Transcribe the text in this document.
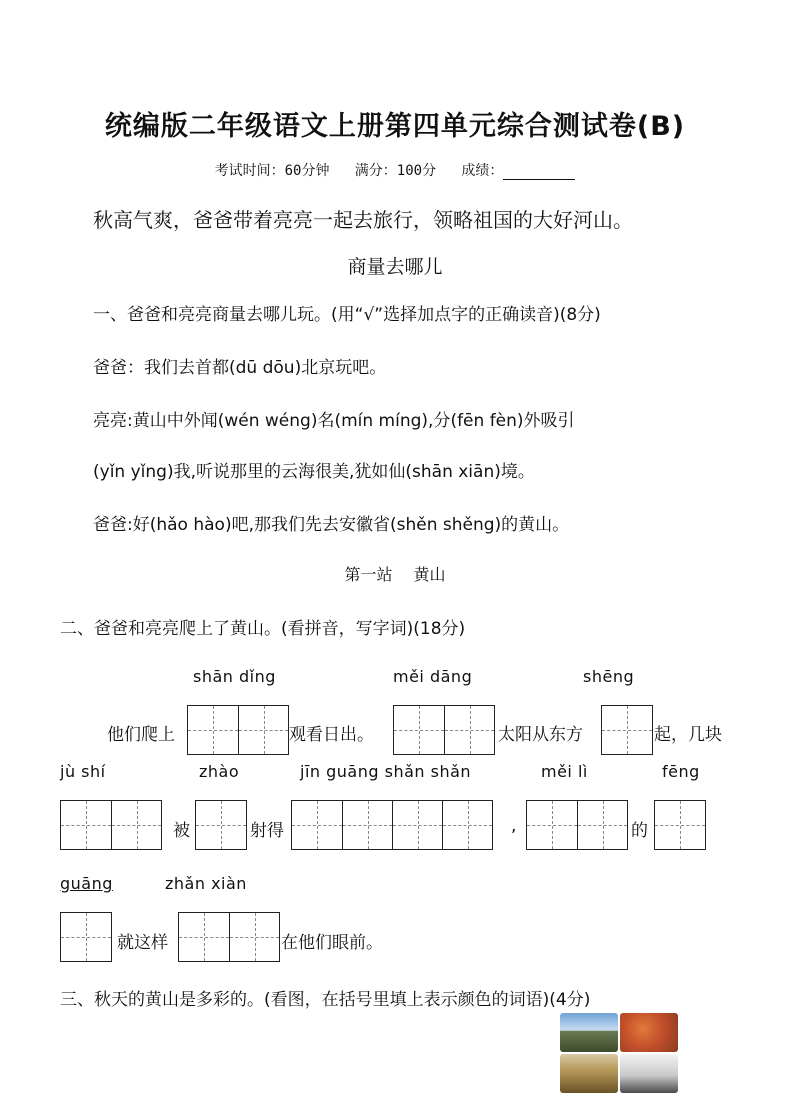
统编版二年级语文上册第四单元综合测试卷(B)
考试时间：60分钟 满分：100分 成绩：
秋高气爽，爸爸带着亮亮一起去旅行，领略祖国的大好河山。
商量去哪儿
一、爸爸和亮亮商量去哪儿玩。(用“√”选择加点字的正确读音)(8分)
爸爸：我们去首都(dū dōu)北京玩吧。
亮亮:黄山中外闻(wén wéng)名(mín míng),分(fēn fèn)外吸引
(yǐn yǐng)我,听说那里的云海很美,犹如仙(shān xiān)境。
爸爸:好(hǎo hào)吧,那我们先去安徽省(shěn shěng)的黄山。
第一站　 黄山
二、爸爸和亮亮爬上了黄山。(看拼音，写字词)(18分)
shān dǐng	měi dāng	shēng
他们爬上	观看日出。	太阳从东方	起，几块
jù shí	zhào	jīn guāng shǎn shǎn	měi lì	fēng
被	射得	,	的
guāng	zhǎn xiàn
就这样	在他们眼前。
三、秋天的黄山是多彩的。(看图，在括号里填上表示颜色的词语)(4分)
